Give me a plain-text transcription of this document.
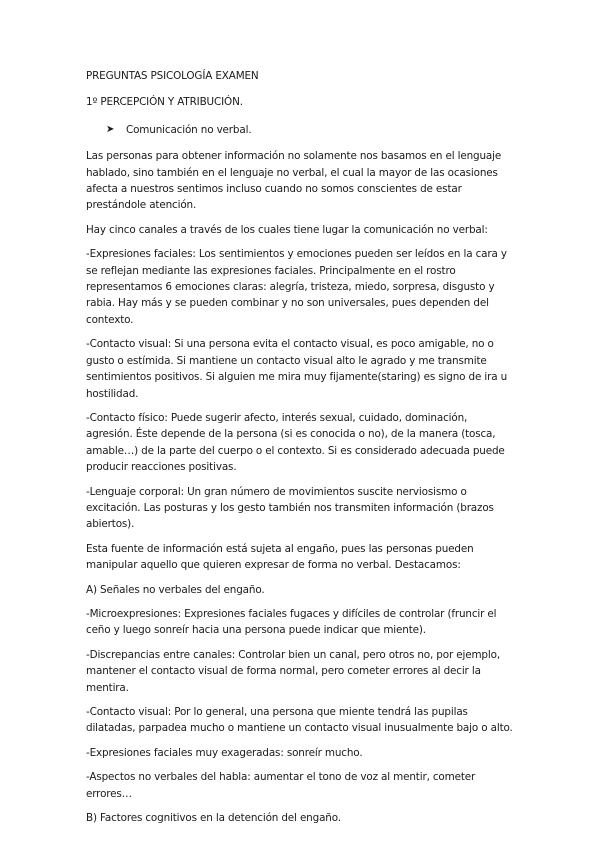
PREGUNTAS PSICOLOGÍA EXAMEN

1º PERCEPCIÓN Y ATRIBUCIÓN.

➤	Comunicación no verbal.

Las personas para obtener información no solamente nos basamos en el lenguaje hablado, sino también en el lenguaje no verbal, el cual la mayor de las ocasiones afecta a nuestros sentimos incluso cuando no somos conscientes de estar prestándole atención.

Hay cinco canales a través de los cuales tiene lugar la comunicación no verbal:

-Expresiones faciales: Los sentimientos y emociones pueden ser leídos en la cara y se reflejan mediante las expresiones faciales. Principalmente en el rostro representamos 6 emociones claras: alegría, tristeza, miedo, sorpresa, disgusto y rabia. Hay más y se pueden combinar y no son universales, pues dependen del contexto.

-Contacto visual: Si una persona evita el contacto visual, es poco amigable, no o gusto o estímida. Si mantiene un contacto visual alto le agrado y me transmite sentimientos positivos. Si alguien me mira muy fijamente(staring) es signo de ira u hostilidad.

-Contacto físico: Puede sugerir afecto, interés sexual, cuidado, dominación, agresión. Éste depende de la persona (si es conocida o no), de la manera (tosca, amable…) de la parte del cuerpo o el contexto. Si es considerado adecuada puede producir reacciones positivas.

-Lenguaje corporal: Un gran número de movimientos suscite nerviosismo o excitación. Las posturas y los gesto también nos transmiten información (brazos abiertos).

Esta fuente de información está sujeta al engaño, pues las personas pueden manipular aquello que quieren expresar de forma no verbal. Destacamos:

A) Señales no verbales del engaño.

-Microexpresiones: Expresiones faciales fugaces y difíciles de controlar (fruncir el ceño y luego sonreír hacia una persona puede indicar que miente).

-Discrepancias entre canales: Controlar bien un canal, pero otros no, por ejemplo, mantener el contacto visual de forma normal, pero cometer errores al decir la mentira.

-Contacto visual: Por lo general, una persona que miente tendrá las pupilas dilatadas, parpadea mucho o mantiene un contacto visual inusualmente bajo o alto.

-Expresiones faciales muy exageradas: sonreír mucho.

-Aspectos no verbales del habla: aumentar el tono de voz al mentir, cometer errores…

B) Factores cognitivos en la detención del engaño.
